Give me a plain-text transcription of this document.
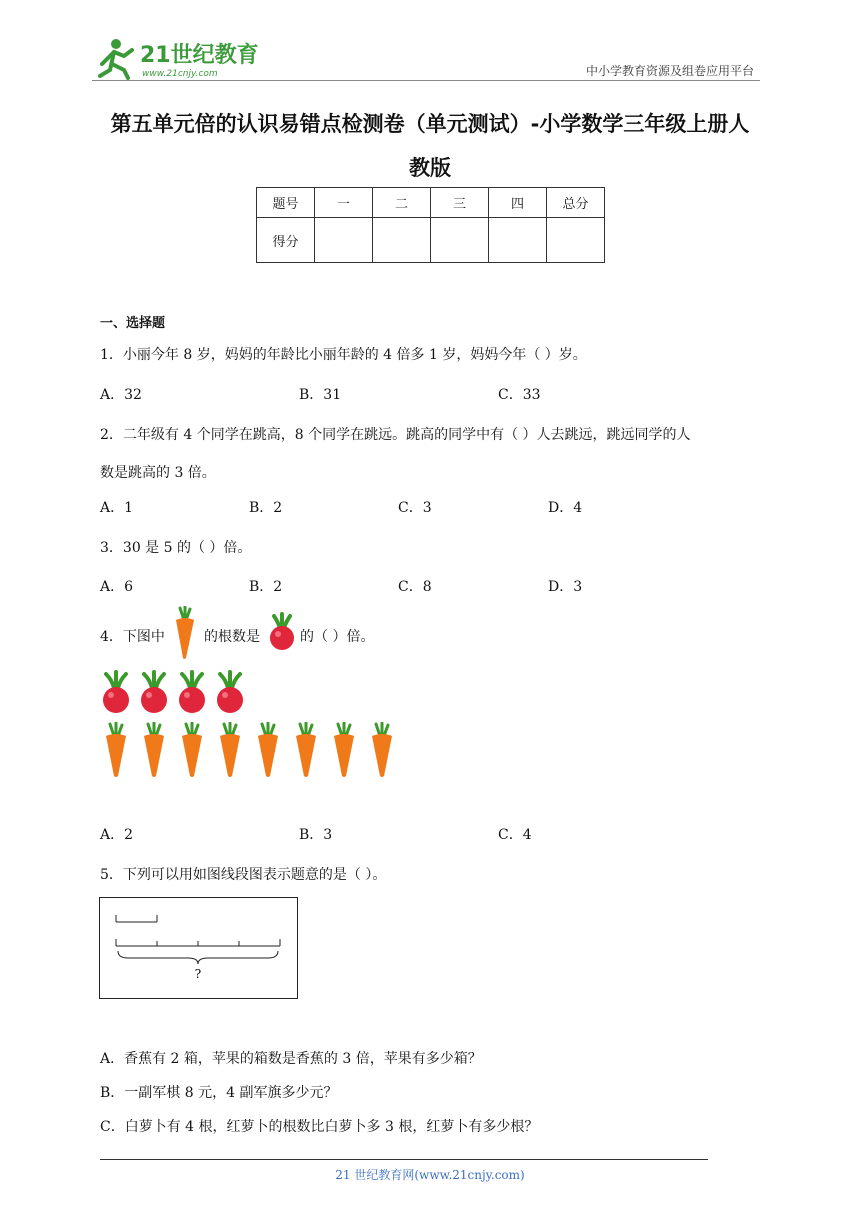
21世纪教育
www.21cnjy.com	中小学教育资源及组卷应用平台
第五单元倍的认识易错点检测卷（单元测试）-小学数学三年级上册人
教版
题号	一	二	三	四	总分
得分					
一、选择题
1．小丽今年 8 岁，妈妈的年龄比小丽年龄的 4 倍多 1 岁，妈妈今年（ ）岁。
A．32	B．31	C．33
2．二年级有 4 个同学在跳高，8 个同学在跳远。跳高的同学中有（ ）人去跳远，跳远同学的人
数是跳高的 3 倍。
A．1	B．2	C．3	D．4
3．30 是 5 的（ ）倍。
A．6	B．2	C．8	D．3
4．下图中	的根数是	的（ ）倍。
A．2	B．3	C．4
5．下列可以用如图线段图表示题意的是（ ）。
?
A．香蕉有 2 箱，苹果的箱数是香蕉的 3 倍，苹果有多少箱？
B．一副军棋 8 元，4 副军旗多少元？
C．白萝卜有 4 根，红萝卜的根数比白萝卜多 3 根，红萝卜有多少根？
21 世纪教育网(www.21cnjy.com)
